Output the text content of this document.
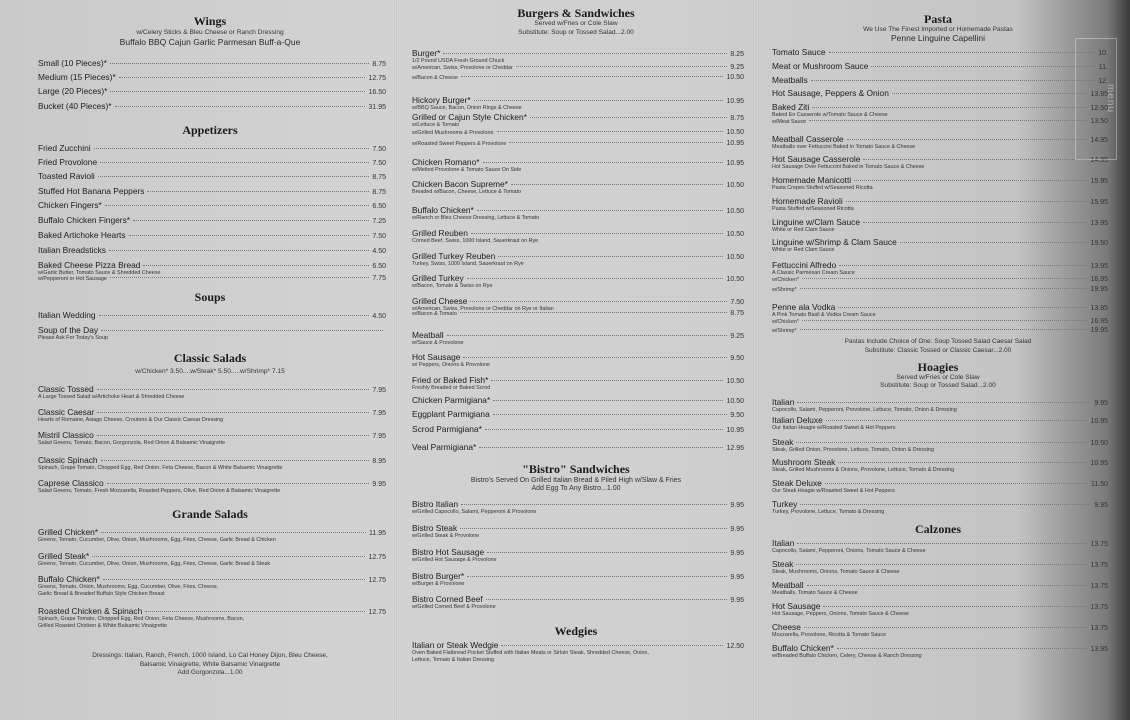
Wings
w/Celery Sticks & Bleu Cheese or Ranch Dressing
Buffalo BBQ Cajun Garlic Parmesan Buff-a-Que
Small (10 Pieces)*	8.75
Medium (15 Pieces)*	12.75
Large (20 Pieces)*	16.50
Bucket (40 Pieces)*	31.95
Appetizers
Fried Zucchini	7.50
Fried Provolone	7.50
Toasted Ravioli	8.75
Stuffed Hot Banana Peppers	8.75
Chicken Fingers*	6.50
Buffalo Chicken Fingers*	7.25
Baked Artichoke Hearts	7.50
Italian Breadsticks	4.50
Baked Cheese Pizza Bread	6.50
w/Garlic Butter, Tomato Sauce & Shredded Cheese
w/Pepperoni or Hot Sausage	7.75
Soups
Italian Wedding	4.50
Soup of the Day
Please Ask For Today's Soup
Classic Salads
w/Chicken* 3.50....w/Steak* 5.50.....w/Shrimp* 7.15
Classic Tossed	7.95
A Large Tossed Salad w/Artichoke Heart & Shredded Cheese
Classic Caesar	7.95
Hearts of Romaine, Asiago Cheese, Croutons & Our Classic Caesar Dressing
Mistril Classico	7.95
Salad Greens, Tomato, Bacon, Gorgonzola, Red Onion & Balsamic Vinaigrette
Classic Spinach	8.95
Spinach, Grape Tomato, Chopped Egg, Red Onion, Feta Cheese, Bacon & White Balsamic Vinaigrette
Caprese Classico	9.95
Salad Greens, Tomato, Fresh Mozzarella, Roasted Peppers, Olive, Red Onion & Balsamic Vinaigrette
Grande Salads
Grilled Chicken*	11.95
Greens, Tomato, Cucumber, Olive, Onion, Mushrooms, Egg, Fries, Cheese, Garlic Bread & Chicken
Grilled Steak*	12.75
Greens, Tomato, Cucumber, Olive, Onion, Mushrooms, Egg, Fries, Cheese, Garlic Bread & Steak
Buffalo Chicken*	12.75
Greens, Tomato, Onion, Mushrooms, Egg, Cucumber, Olive, Fries, Cheese,
Garlic Bread & Breaded Buffalo Style Chicken Breast
Roasted Chicken & Spinach	12.75
Spinach, Grape Tomato, Chopped Egg, Red Onion, Feta Cheese, Mushrooms, Bacon,
Grilled Roasted Chicken & White Balsamic Vinaigrette
Dressings: Italian, Ranch, French, 1000 Island, Lo Cal Honey Dijon, Bleu Cheese,
Balsamic Vinaigrette, White Balsamic Vinaigrette
Add Gorgonzola...1.00
Burgers & Sandwiches
Served w/Fries or Cole Slaw
Substitute: Soup or Tossed Salad...2.00
Burger*	8.25
1/2 Pound USDA Fresh Ground Chuck
w/American, Swiss, Provolone or Cheddar	9.25
w/Bacon & Cheese	10.50
Hickory Burger*	10.95
w/BBQ Sauce, Bacon, Onion Rings & Cheese
Grilled or Cajun Style Chicken*	8.75
w/Lettuce & Tomato
w/Grilled Mushrooms & Provolone	10.50
w/Roasted Sweet Peppers & Provolone	10.95
Chicken Romano*	10.95
w/Melted Provolone & Tomato Sauce On Side
Chicken Bacon Supreme*	10.50
Breaded w/Bacon, Cheese, Lettuce & Tomato
Buffalo Chicken*	10.50
w/Ranch or Bleu Cheese Dressing, Lettuce & Tomato
Grilled Reuben	10.50
Corned Beef, Swiss, 1000 Island, Sauerkraut on Rye
Grilled Turkey Reuben	10.50
Turkey, Swiss, 1000 Island, Sauerkraut on Rye
Grilled Turkey	10.50
w/Bacon, Tomato & Swiss on Rye
Grilled Cheese	7.50
w/American, Swiss, Provolone or Cheddar on Rye or Italian
w/Bacon & Tomato	8.75
Meatball	9.25
w/Sauce & Provolone
Hot Sausage	9.50
w/ Peppers, Onions & Provolone
Fried or Baked Fish*	10.50
Freshly Breaded or Baked Scrod
Chicken Parmigiana*	10.50
Eggplant Parmigiana	9.50
Scrod Parmigiana*	10.95
Veal Parmigiana*	12.95
"Bistro" Sandwiches
Bistro's Served On Grilled Italian Bread & Piled High w/Slaw & Fries
Add Egg To Any Bistro...1.00
Bistro Italian	9.95
w/Grilled Capocollo, Salami, Pepperoni & Provolone
Bistro Steak	9.95
w/Grilled Steak & Provolone
Bistro Hot Sausage	9.95
w/Grilled Hot Sausage & Provolone
Bistro Burger*	9.95
w/Burger & Provolone
Bistro Corned Beef	9.95
w/Grilled Corned Beef & Provolone
Wedgies
Italian or Steak Wedgie	12.50
Oven Baked Flatbread Pocket Stuffed with Italian Meats or Sirloin Steak, Shredded Cheese, Onion,
Lettuce, Tomato & Italian Dressing
Pasta
We Use The Finest Imported or Homemade Pastas
Penne Linguine Capellini
Tomato Sauce	10.
Meat or Mushroom Sauce	11.
Meatballs	12.
Hot Sausage, Peppers & Onion	13.95
Baked Ziti	12.50
Baked En Casserole w/Tomato Sauce & Cheese
w/Meat Sauce	13.50
Meatball Casserole	14.95
Meatballs over Fettuccini Baked in Tomato Sauce & Cheese
Hot Sausage Casserole	14.95
Hot Sausage Over Fettuccini Baked in Tomato Sauce & Cheese
Homemade Manicotti	15.95
Pasta Crepes Stuffed w/Seasoned Ricotta
Homemade Ravioli	15.95
Pasta Stuffed w/Seasoned Ricotta
Linguine w/Clam Sauce	13.95
White or Red Clam Sauce
Linguine w/Shrimp & Clam Sauce	19.50
White or Red Clam Sauce
Fettuccini Alfredo	13.95
A Classic Parmesan Cream Sauce
w/Chicken*	16.95
w/Shrimp*	19.95
Penne ala Vodka	13.95
A Pink Tomato Basil & Vodka Cream Sauce
w/Chicken*	16.95
w/Shrimp*	19.95
Pastas Include Choice of One: Soup Tossed Salad Caesar Salad
Substitute: Classic Tossed or Classic Caesar...2.00
Hoagies
Served w/Fries or Cole Slaw
Substitute: Soup or Tossed Salad...2.00
Italian	9.95
Capocollo, Salami, Pepperoni, Provolone, Lettuce, Tomato, Onion & Dressing
Italian Deluxe	10.95
Our Italian Hoagie w/Roasted Sweet & Hot Peppers
Steak	10.50
Steak, Grilled Onion, Provolone, Lettuce, Tomato, Onion & Dressing
Mushroom Steak	10.95
Steak, Grilled Mushrooms & Onions, Provolone, Lettuce, Tomato & Dressing
Steak Deluxe	11.50
Our Steak Hoagie w/Roasted Sweet & Hot Peppers
Turkey	9.95
Turkey, Provolone, Lettuce, Tomato & Dressing
Calzones
Italian	13.75
Capocollo, Salami, Pepperoni, Onions, Tomato Sauce & Cheese
Steak	13.75
Steak, Mushrooms, Onions, Tomato Sauce & Cheese
Meatball	13.75
Meatballs, Tomato Sauce & Cheese
Hot Sausage	13.75
Hot Sausage, Peppers, Onions, Tomato Sauce & Cheese
Cheese	13.75
Mozzarella, Provolone, Ricotta & Tomato Sauce
Buffalo Chicken*	13.95
w/Breaded Buffalo Chicken, Celery, Cheese & Ranch Dressing
menu
